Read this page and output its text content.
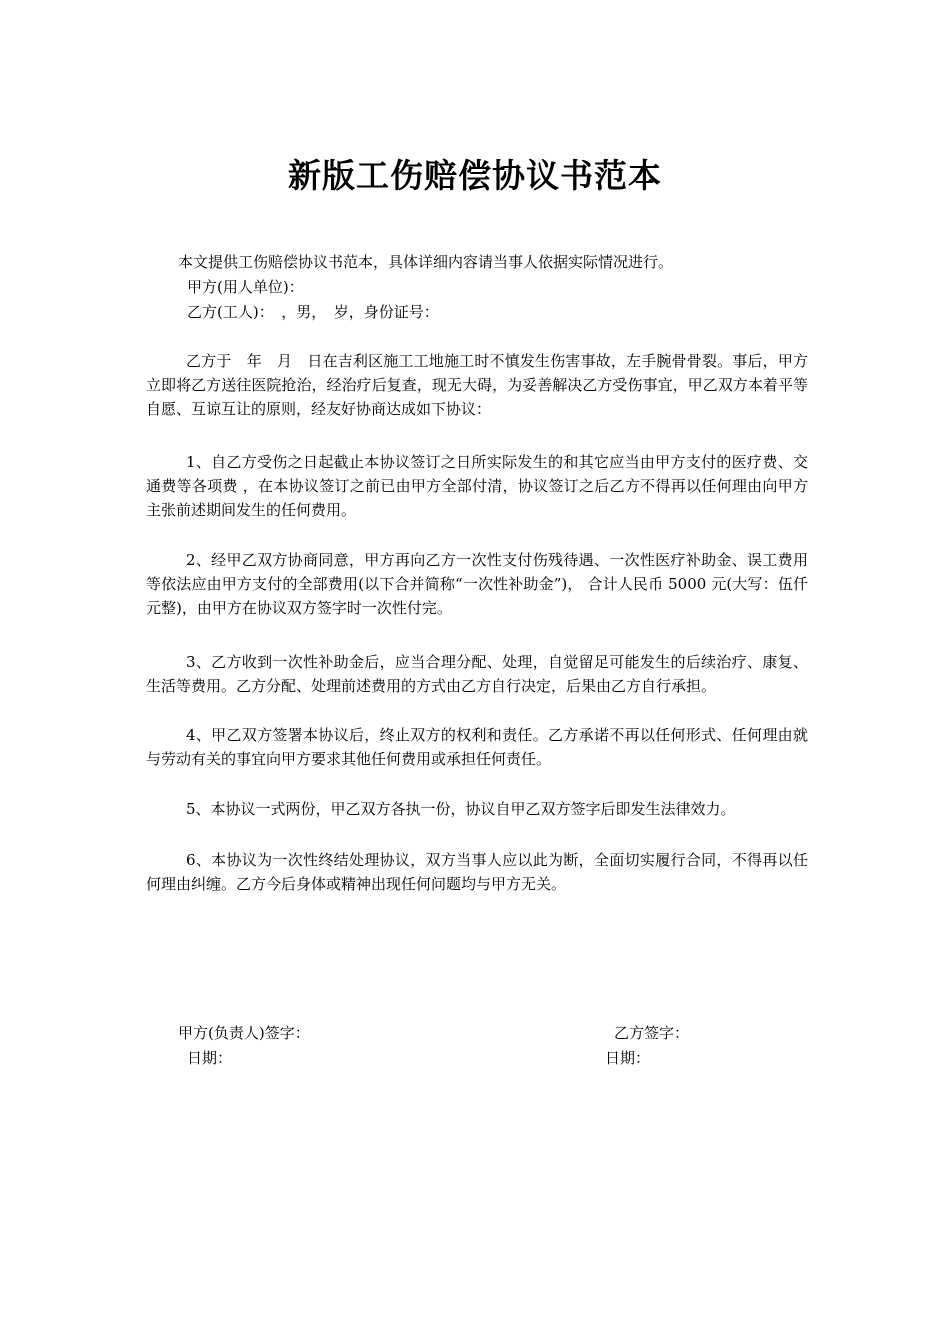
新版工伤赔偿协议书范本
本文提供工伤赔偿协议书范本，具体详细内容请当事人依据实际情况进行。
甲方(用人单位)：
乙方(工人)：　，男，　岁，身份证号：
乙方于　年　月　日在吉利区施工工地施工时不慎发生伤害事故，左手腕骨骨裂。事后，甲方立即将乙方送往医院抢治，经治疗后复查，现无大碍，为妥善解决乙方受伤事宜，甲乙双方本着平等自愿、互谅互让的原则，经友好协商达成如下协议：
1、自乙方受伤之日起截止本协议签订之日所实际发生的和其它应当由甲方支付的医疗费、交通费等各项费 ，在本协议签订之前已由甲方全部付清，协议签订之后乙方不得再以任何理由向甲方主张前述期间发生的任何费用。
2、经甲乙双方协商同意，甲方再向乙方一次性支付伤残待遇、一次性医疗补助金、误工费用等依法应由甲方支付的全部费用(以下合并简称“一次性补助金”)， 合计人民币 5000 元(大写：伍仟元整)，由甲方在协议双方签字时一次性付完。
3、乙方收到一次性补助金后，应当合理分配、处理，自觉留足可能发生的后续治疗、康复、生活等费用。乙方分配、处理前述费用的方式由乙方自行决定，后果由乙方自行承担。
4、甲乙双方签署本协议后，终止双方的权利和责任。乙方承诺不再以任何形式、任何理由就与劳动有关的事宜向甲方要求其他任何费用或承担任何责任。
5、本协议一式两份，甲乙双方各执一份，协议自甲乙双方签字后即发生法律效力。
6、本协议为一次性终结处理协议，双方当事人应以此为断，全面切实履行合同，不得再以任何理由纠缠。乙方今后身体或精神出现任何问题均与甲方无关。
甲方(负责人)签字：
日期：
乙方签字：
日期：
